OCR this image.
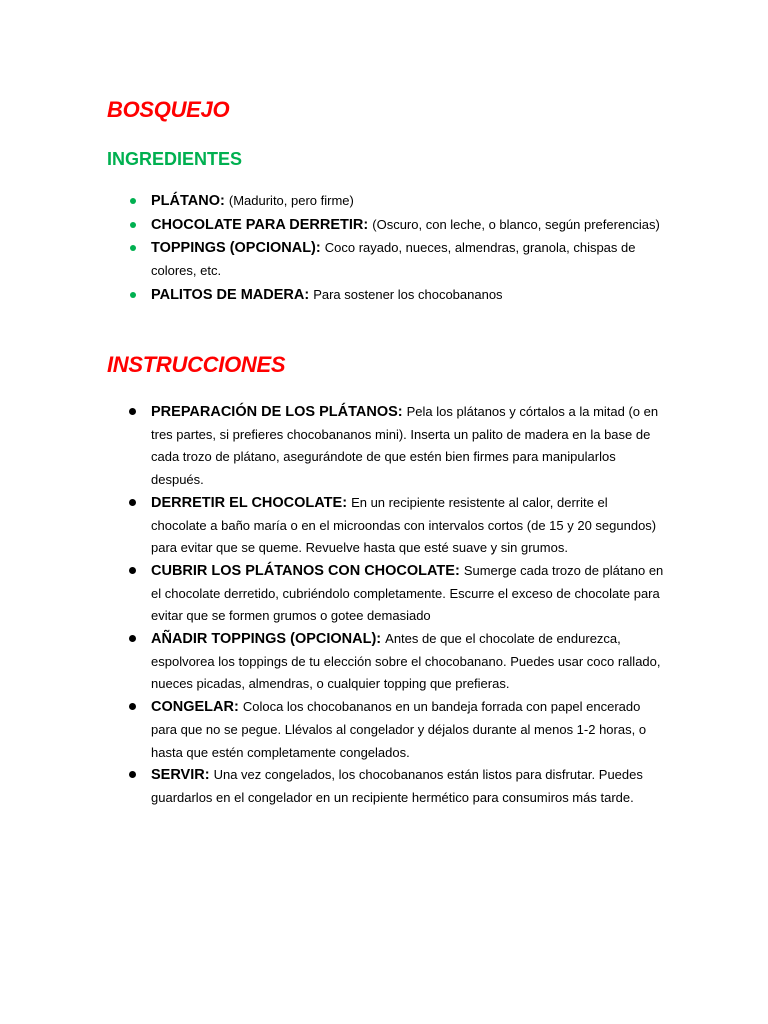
BOSQUEJO
INGREDIENTES
PLÁTANO: (Madurito, pero firme)
CHOCOLATE PARA DERRETIR: (Oscuro, con leche, o blanco, según preferencias)
TOPPINGS (OPCIONAL): Coco rayado, nueces, almendras, granola, chispas de colores, etc.
PALITOS DE MADERA: Para sostener los chocobananos
INSTRUCCIONES
PREPARACIÓN DE LOS PLÁTANOS: Pela los plátanos y córtalos a la mitad (o en tres partes, si prefieres chocobananos mini). Inserta un palito de madera en la base de cada trozo de plátano, asegurándote de que estén bien firmes para manipularlos después.
DERRETIR EL CHOCOLATE: En un recipiente resistente al calor, derrite el chocolate a baño maría o en el microondas con intervalos cortos (de 15 y 20 segundos) para evitar que se queme. Revuelve hasta que esté suave y sin grumos.
CUBRIR LOS PLÁTANOS CON CHOCOLATE: Sumerge cada trozo de plátano en el chocolate derretido, cubriéndolo completamente. Escurre el exceso de chocolate para evitar que se formen grumos o gotee demasiado
AÑADIR TOPPINGS (OPCIONAL): Antes de que el chocolate de endurezca, espolvorea los toppings de tu elección sobre el chocobanano. Puedes usar coco rallado, nueces picadas, almendras, o cualquier topping que prefieras.
CONGELAR: Coloca los chocobananos en un bandeja forrada con papel encerado para que no se pegue. Llévalos al congelador y déjalos durante al menos 1-2 horas, o hasta que estén completamente congelados.
SERVIR: Una vez congelados, los chocobananos están listos para disfrutar. Puedes guardarlos en el congelador en un recipiente hermético para consumiros más tarde.
